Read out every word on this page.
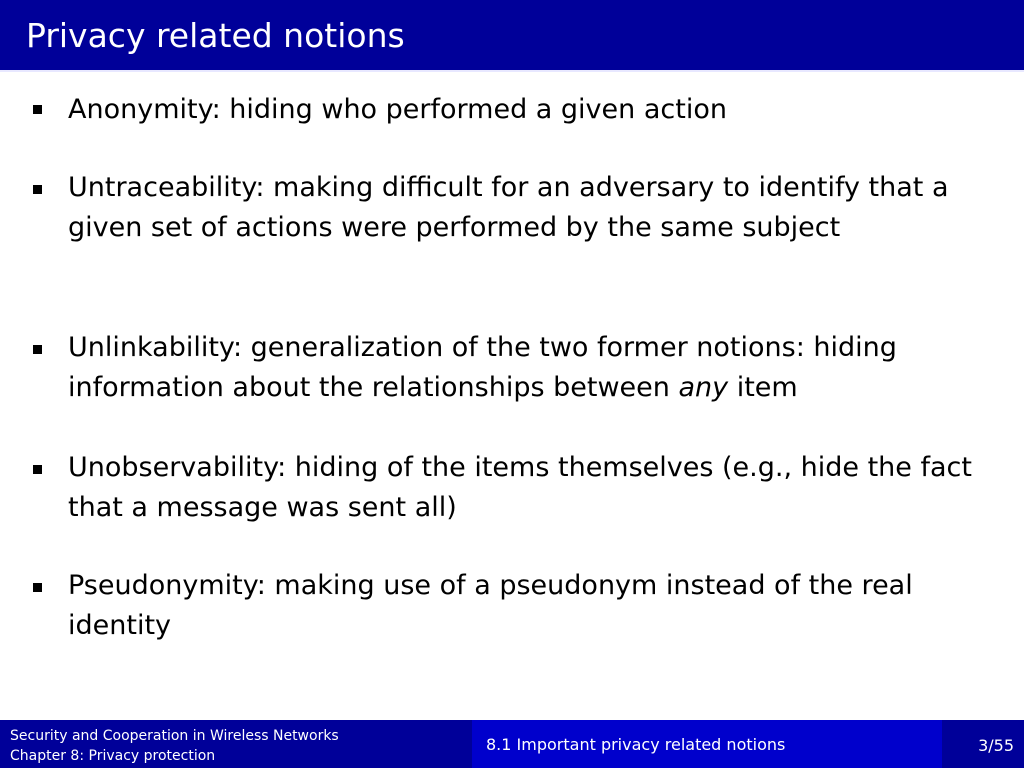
Privacy related notions
Anonymity: hiding who performed a given action
Untraceability: making difficult for an adversary to identify that a given set of actions were performed by the same subject
Unlinkability: generalization of the two former notions: hiding information about the relationships between any item
Unobservability: hiding of the items themselves (e.g., hide the fact that a message was sent all)
Pseudonymity: making use of a pseudonym instead of the real identity
Security and Cooperation in Wireless Networks
Chapter 8: Privacy protection
8.1 Important privacy related notions	3/55
